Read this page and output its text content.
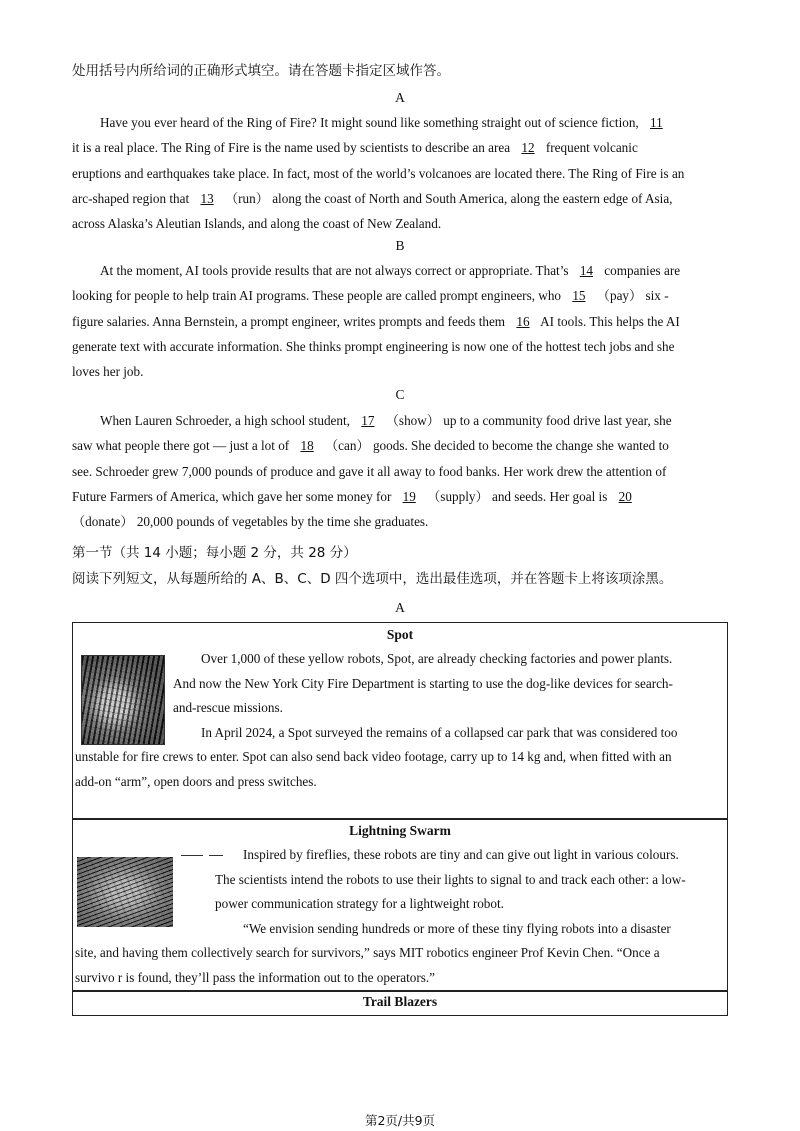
处用括号内所给词的正确形式填空。请在答题卡指定区域作答。
A

Have you ever heard of the Ring of Fire? It might sound like something straight out of science fiction, 11

it is a real place. The Ring of Fire is the name used by scientists to describe an area 12 frequent volcanic

eruptions and earthquakes take place. In fact, most of the world’s volcanoes are located there. The Ring of Fire is an

arc-shaped region that 13 （run） along the coast of North and South America, along the eastern edge of Asia,

across Alaska’s Aleutian Islands, and along the coast of New Zealand.

B

At the moment, AI tools provide results that are not always correct or appropriate. That’s 14 companies are

looking for people to help train AI programs. These people are called prompt engineers, who 15 （pay） six -

figure salaries. Anna Bernstein, a prompt engineer, writes prompts and feeds them 16 AI tools. This helps the AI

generate text with accurate information. She thinks prompt engineering is now one of the hottest tech jobs and she

loves her job.

C

When Lauren Schroeder, a high school student, 17 （show） up to a community food drive last year, she

saw what people there got — just a lot of 18 （can） goods. She decided to become the change she wanted to

see. Schroeder grew 7,000 pounds of produce and gave it all away to food banks. Her work drew the attention of

Future Farmers of America, which gave her some money for 19 （supply） and seeds. Her goal is 20

（donate） 20,000 pounds of vegetables by the time she graduates.

第一节（共 14 小题；每小题 2 分，共 28 分）
阅读下列短文，从每题所给的 A、B、C、D 四个选项中，选出最佳选项，并在答题卡上将该项涂黑。
A
Spot

Over 1,000 of these yellow robots, Spot, are already checking factories and power plants.

And now the New York City Fire Department is starting to use the dog-like devices for search-

and-rescue missions.

In April 2024, a Spot surveyed the remains of a collapsed car park that was considered too

unstable for fire crews to enter. Spot can also send back video footage, carry up to 14 kg and, when fitted with an

add-on “arm”, open doors and press switches.

Lightning Swarm

Inspired by fireflies, these robots are tiny and can give out light in various colours.

The scientists intend the robots to use their lights to signal to and track each other: a low-

power communication strategy for a lightweight robot.

“We envision sending hundreds or more of these tiny flying robots into a disaster

site, and having them collectively search for survivors,” says MIT robotics engineer Prof Kevin Chen. “Once a

survivo r is found, they’ll pass the information out to the operators.”

Trail Blazers
第2页/共9页
